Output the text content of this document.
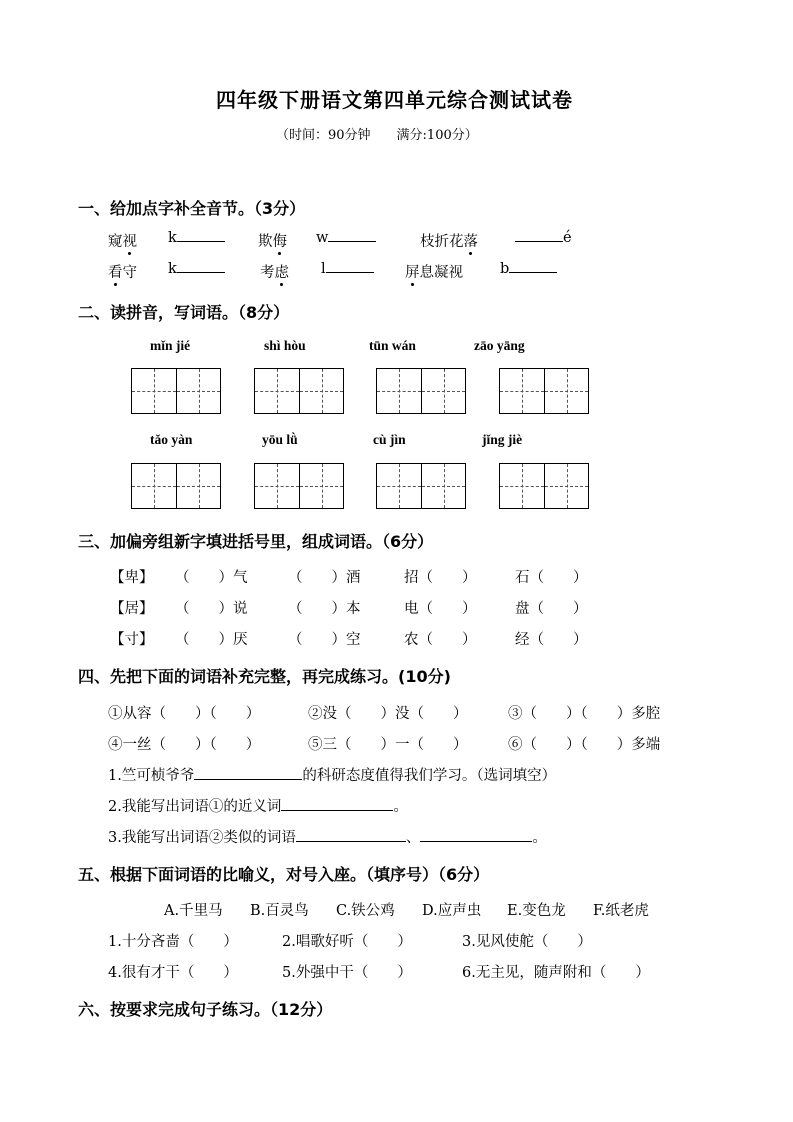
四年级下册语文第四单元综合测试试卷
（时间：90分钟 满分:100分）
一、给加点字补全音节。（3分）
窥视 k	欺侮 w	枝折花落	é
看守 k	考虑 l	屏息凝视	b
二、读拼音，写词语。（8分）
mǐn jié	shì hòu	tūn wán	zāo yāng
tǎo yàn	yōu lǜ	cù jìn	jǐng jiè
三、加偏旁组新字填进括号里，组成词语。（6分）
【卑】 （　　）气	（　　）酒	招（　　）	石（　　）
【居】 （　　）说	（　　）本	电（　　）	盘（　　）
【寸】 （　　）厌	（　　）空	农（　　）	经（　　）
四、先把下面的词语补充完整，再完成练习。(10分)
①从容（　　）（　　）	②没（　　）没（　　）	③（　　）（　　）多腔
④一丝（　　）（　　）	⑤三（　　）一（　　）	⑥（　　）（　　）多端
1.竺可桢爷爷	的科研态度值得我们学习。（选词填空）
2.我能写出词语①的近义词	。
3.我能写出词语②类似的词语	、	。
五、根据下面词语的比喻义，对号入座。（填序号）（6分）
A.千里马 B.百灵鸟 C.铁公鸡 D.应声虫 E.变色龙 F.纸老虎
1.十分吝啬（　　）	2.唱歌好听（　　）	3.见风使舵（　　）
4.很有才干（　　）	5.外强中干（　　）	6.无主见，随声附和（　　）
六、按要求完成句子练习。（12分）
